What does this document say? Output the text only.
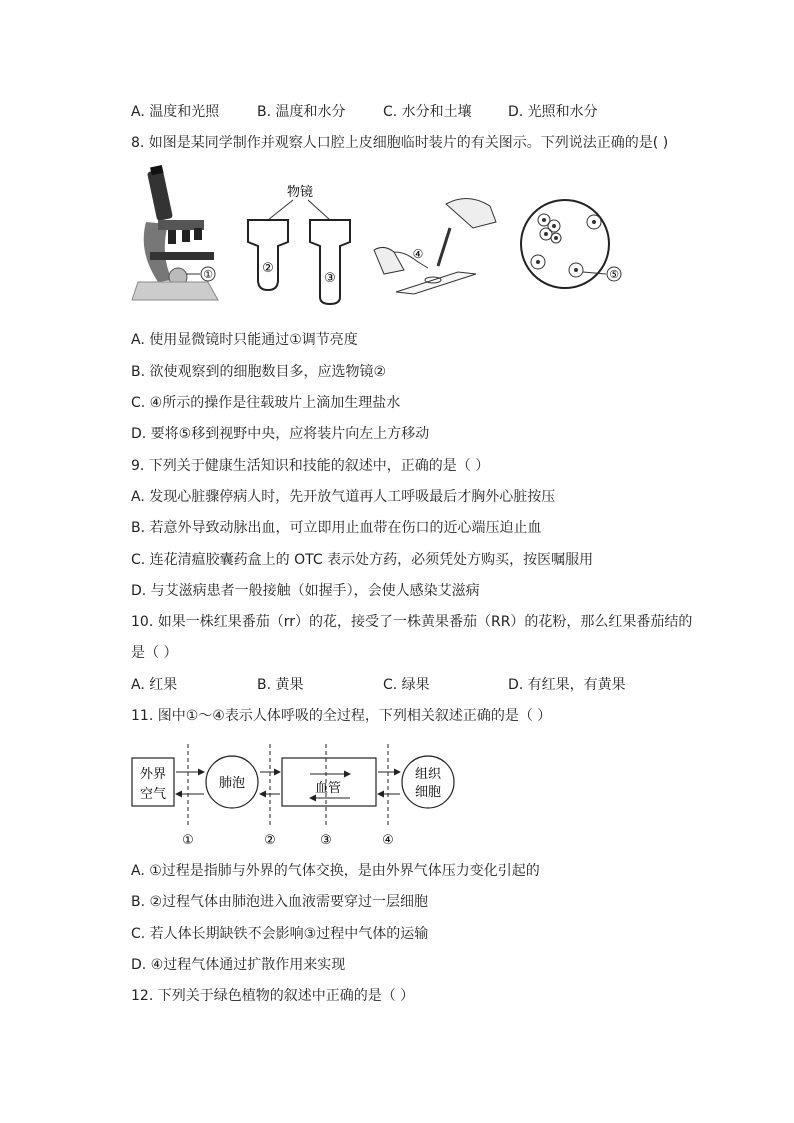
A. 温度和光照	B. 温度和水分	C. 水分和土壤	D. 光照和水分
8. 如图是某同学制作并观察人口腔上皮细胞临时装片的有关图示。下列说法正确的是( )
①
物镜
②
③
④
⑤
A. 使用显微镜时只能通过①调节亮度
B. 欲使观察到的细胞数目多，应选物镜②
C. ④所示的操作是往载玻片上滴加生理盐水
D. 要将⑤移到视野中央，应将装片向左上方移动
9. 下列关于健康生活知识和技能的叙述中，正确的是（ ）
A. 发现心脏骤停病人时，先开放气道再人工呼吸最后才胸外心脏按压
B. 若意外导致动脉出血，可立即用止血带在伤口的近心端压迫止血
C. 连花清瘟胶囊药盒上的 OTC 表示处方药，必须凭处方购买，按医嘱服用
D. 与艾滋病患者一般接触（如握手），会使人感染艾滋病
10. 如果一株红果番茄（rr）的花，接受了一株黄果番茄（RR）的花粉，那么红果番茄结的
是（ ）
A. 红果	B. 黄果	C. 绿果	D. 有红果，有黄果
11. 图中①～④表示人体呼吸的全过程，下列相关叙述正确的是（ ）
外界
空气
肺泡	血管
组织
细胞
①	②	③	④
A. ①过程是指肺与外界的气体交换，是由外界气体压力变化引起的
B. ②过程气体由肺泡进入血液需要穿过一层细胞
C. 若人体长期缺铁不会影响③过程中气体的运输
D. ④过程气体通过扩散作用来实现
12. 下列关于绿色植物的叙述中正确的是（ ）
